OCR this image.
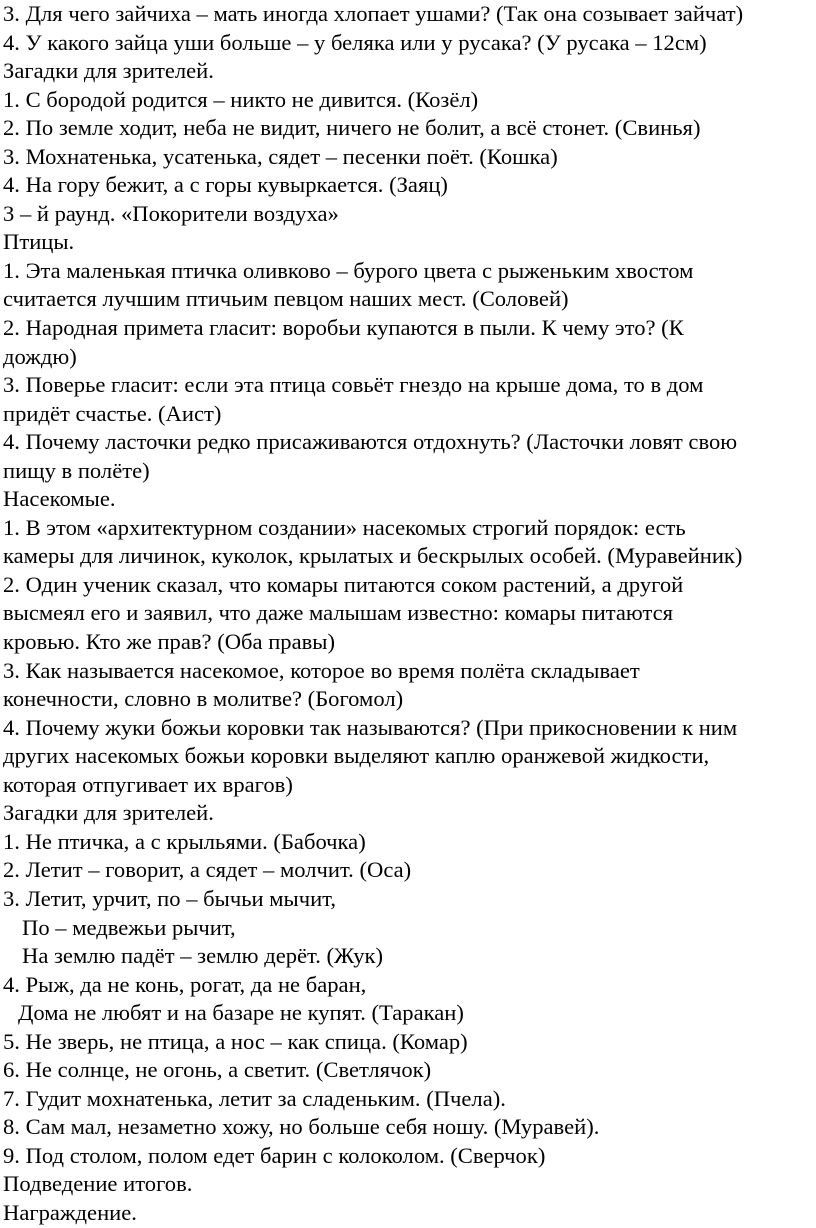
3. Для чего зайчиха – мать иногда хлопает ушами? (Так она созывает зайчат)

4. У какого зайца уши больше – у беляка или у русака? (У русака – 12см)

Загадки для зрителей.

1. С бородой родится – никто не дивится. (Козёл)

2. По земле ходит, неба не видит, ничего не болит, а всё стонет. (Свинья)

3. Мохнатенька, усатенька, сядет – песенки поёт. (Кошка)

4. На гору бежит, а с горы кувыркается. (Заяц)

3 – й раунд. «Покорители воздуха»

Птицы.

1. Эта маленькая птичка оливково – бурого цвета с рыженьким хвостом

считается лучшим птичьим певцом наших мест. (Соловей)

2. Народная примета гласит: воробьи купаются в пыли. К чему это? (К

дождю)

3. Поверье гласит: если эта птица совьёт гнездо на крыше дома, то в дом

придёт счастье. (Аист)

4. Почему ласточки редко присаживаются отдохнуть? (Ласточки ловят свою

пищу в полёте)

Насекомые.

1. В этом «архитектурном создании» насекомых строгий порядок: есть

камеры для личинок, куколок, крылатых и бескрылых особей. (Муравейник)

2. Один ученик сказал, что комары питаются соком растений, а другой

высмеял его и заявил, что даже малышам известно: комары питаются

кровью. Кто же прав? (Оба правы)

3. Как называется насекомое, которое во время полёта складывает

конечности, словно в молитве? (Богомол)

4. Почему жуки божьи коровки так называются? (При прикосновении к ним

других насекомых божьи коровки выделяют каплю оранжевой жидкости,

которая отпугивает их врагов)

Загадки для зрителей.

1. Не птичка, а с крыльями. (Бабочка)

2. Летит – говорит, а сядет – молчит. (Оса)

3. Летит, урчит, по – бычьи мычит,

По – медвежьи рычит,

На землю падёт – землю дерёт. (Жук)

4. Рыж, да не конь, рогат, да не баран,

Дома не любят и на базаре не купят. (Таракан)

5. Не зверь, не птица, а нос – как спица. (Комар)

6. Не солнце, не огонь, а светит. (Светлячок)

7. Гудит мохнатенька, летит за сладеньким. (Пчела).

8. Сам мал, незаметно хожу, но больше себя ношу. (Муравей).

9. Под столом, полом едет барин с колоколом. (Сверчок)

Подведение итогов.

Награждение.
